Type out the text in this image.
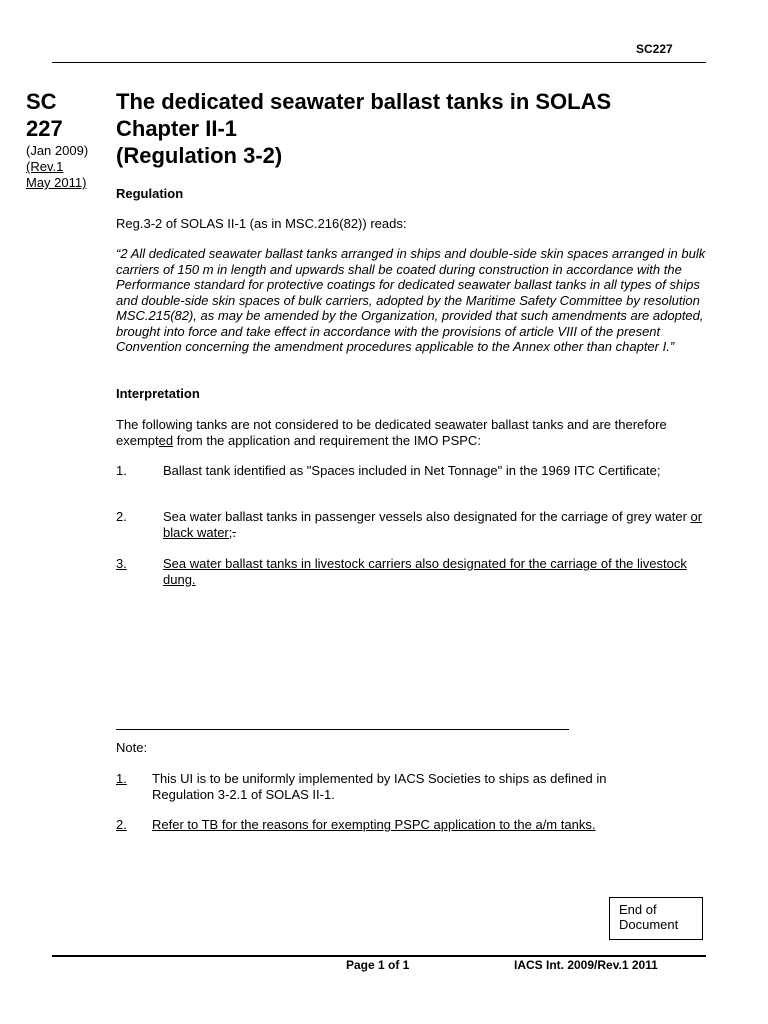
SC227
SC
227
(Jan 2009)
(Rev.1
May 2011)
The dedicated seawater ballast tanks in SOLAS
Chapter II-1
(Regulation 3-2)
Regulation
Reg.3-2 of SOLAS II-1 (as in MSC.216(82)) reads:
“2 All dedicated seawater ballast tanks arranged in ships and double-side skin spaces arranged in bulk carriers of 150 m in length and upwards shall be coated during construction in accordance with the Performance standard for protective coatings for dedicated seawater ballast tanks in all types of ships and double-side skin spaces of bulk carriers, adopted by the Maritime Safety Committee by resolution MSC.215(82), as may be amended by the Organization, provided that such amendments are adopted, brought into force and take effect in accordance with the provisions of article VIII of the present Convention concerning the amendment procedures applicable to the Annex other than chapter I.”
Interpretation
The following tanks are not considered to be dedicated seawater ballast tanks and are therefore exempted from the application and requirement the IMO PSPC:
1.	Ballast tank identified as "Spaces included in Net Tonnage" in the 1969 ITC Certificate;
2.	Sea water ballast tanks in passenger vessels also designated for the carriage of grey water or black water;.
3.	Sea water ballast tanks in livestock carriers also designated for the carriage of the livestock dung.
Note:
1.	This UI is to be uniformly implemented by IACS Societies to ships as defined in Regulation 3-2.1 of SOLAS II-1.
2.	Refer to TB for the reasons for exempting PSPC application to the a/m tanks.
End of
Document
Page 1 of 1	IACS Int. 2009/Rev.1 2011
